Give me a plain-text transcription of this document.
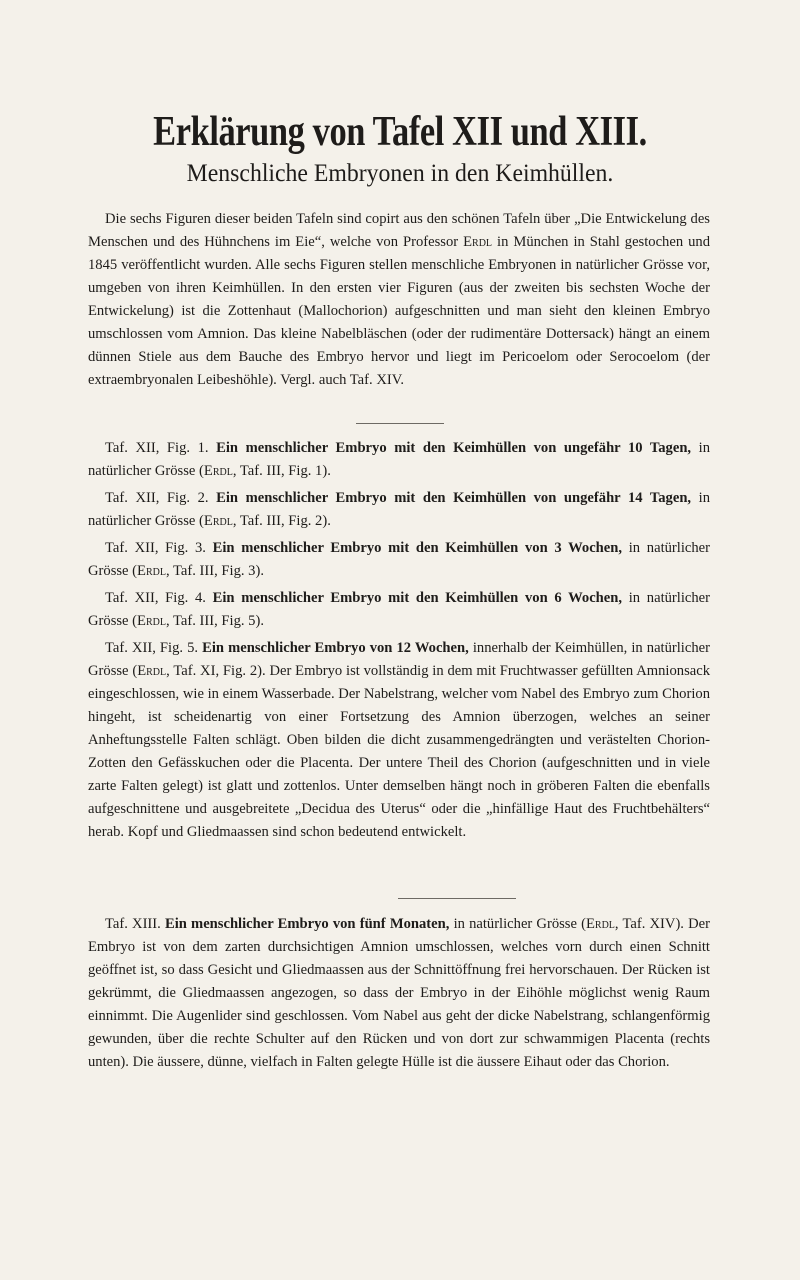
Erklärung von Tafel XII und XIII.
Menschliche Embryonen in den Keimhüllen.

Die sechs Figuren dieser beiden Tafeln sind copirt aus den schönen Tafeln über „Die Entwickelung des Menschen und des Hühnchens im Eie“, welche von Professor Erdl in München in Stahl gestochen und 1845 veröffentlicht wurden. Alle sechs Figuren stellen menschliche Embryonen in natürlicher Grösse vor, umgeben von ihren Keimhüllen. In den ersten vier Figuren (aus der zweiten bis sechsten Woche der Entwickelung) ist die Zottenhaut (Mallochorion) aufgeschnitten und man sieht den kleinen Embryo umschlossen vom Amnion. Das kleine Nabelbläschen (oder der rudimentäre Dottersack) hängt an einem dünnen Stiele aus dem Bauche des Embryo hervor und liegt im Pericoelom oder Serocoelom (der extraembryonalen Leibeshöhle). Vergl. auch Taf. XIV.

Taf. XII, Fig. 1. Ein menschlicher Embryo mit den Keimhüllen von ungefähr 10 Tagen, in natürlicher Grösse (Erdl, Taf. III, Fig. 1).

Taf. XII, Fig. 2. Ein menschlicher Embryo mit den Keimhüllen von ungefähr 14 Tagen, in natürlicher Grösse (Erdl, Taf. III, Fig. 2).

Taf. XII, Fig. 3. Ein menschlicher Embryo mit den Keimhüllen von 3 Wochen, in natürlicher Grösse (Erdl, Taf. III, Fig. 3).

Taf. XII, Fig. 4. Ein menschlicher Embryo mit den Keimhüllen von 6 Wochen, in natürlicher Grösse (Erdl, Taf. III, Fig. 5).

Taf. XII, Fig. 5. Ein menschlicher Embryo von 12 Wochen, innerhalb der Keimhüllen, in natürlicher Grösse (Erdl, Taf. XI, Fig. 2). Der Embryo ist vollständig in dem mit Fruchtwasser gefüllten Amnionsack eingeschlossen, wie in einem Wasserbade. Der Nabelstrang, welcher vom Nabel des Embryo zum Chorion hingeht, ist scheidenartig von einer Fortsetzung des Amnion überzogen, welches an seiner Anheftungsstelle Falten schlägt. Oben bilden die dicht zusammengedrängten und verästelten Chorion-Zotten den Gefässkuchen oder die Placenta. Der untere Theil des Chorion (aufgeschnitten und in viele zarte Falten gelegt) ist glatt und zottenlos. Unter demselben hängt noch in gröberen Falten die ebenfalls aufgeschnittene und ausgebreitete „Decidua des Uterus“ oder die „hinfällige Haut des Fruchtbehälters“ herab. Kopf und Gliedmaassen sind schon bedeutend entwickelt.

Taf. XIII. Ein menschlicher Embryo von fünf Monaten, in natürlicher Grösse (Erdl, Taf. XIV). Der Embryo ist von dem zarten durchsichtigen Amnion umschlossen, welches vorn durch einen Schnitt geöffnet ist, so dass Gesicht und Gliedmaassen aus der Schnittöffnung frei hervorschauen. Der Rücken ist gekrümmt, die Gliedmaassen angezogen, so dass der Embryo in der Eihöhle möglichst wenig Raum einnimmt. Die Augenlider sind geschlossen. Vom Nabel aus geht der dicke Nabelstrang, schlangenförmig gewunden, über die rechte Schulter auf den Rücken und von dort zur schwammigen Placenta (rechts unten). Die äussere, dünne, vielfach in Falten gelegte Hülle ist die äussere Eihaut oder das Chorion.
